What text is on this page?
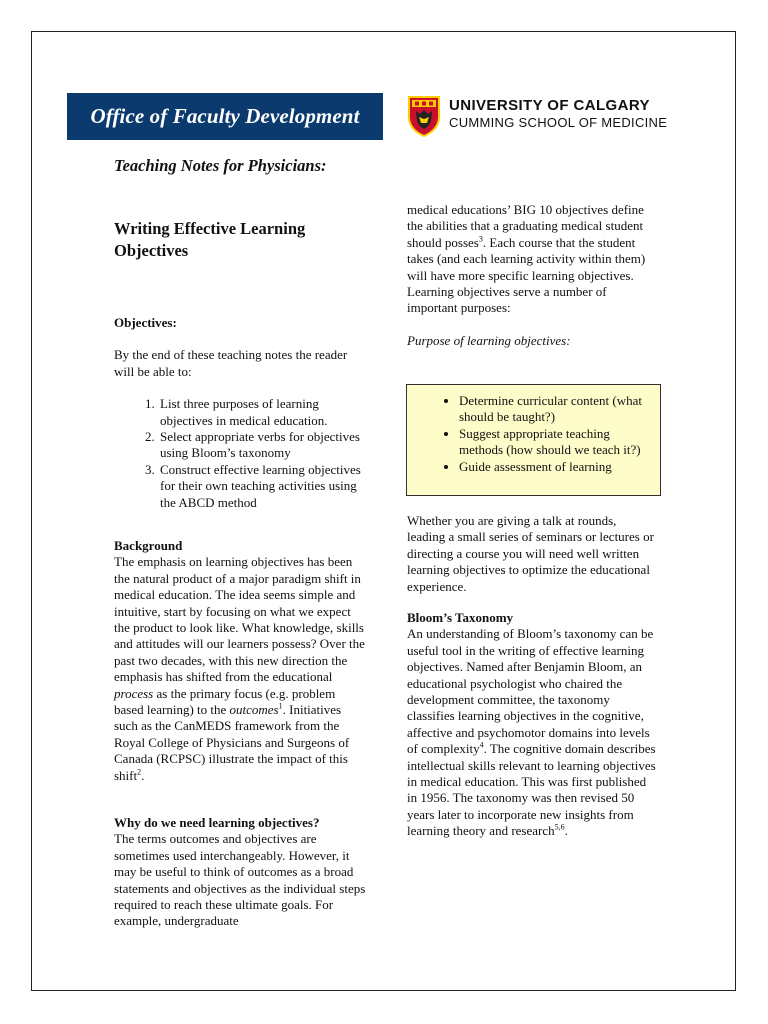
Office of Faculty Development	UNIVERSITY OF CALGARY
CUMMING SCHOOL OF MEDICINE
Teaching Notes for Physicians:
Writing Effective Learning Objectives

Objectives:

By the end of these teaching notes the reader will be able to:

1. List three purposes of learning objectives in medical education.
2. Select appropriate verbs for objectives using Bloom’s taxonomy
3. Construct effective learning objectives for their own teaching activities using the ABCD method

Background

The emphasis on learning objectives has been the natural product of a major paradigm shift in medical education. The idea seems simple and intuitive, start by focusing on what we expect the product to look like. What knowledge, skills and attitudes will our learners possess? Over the past two decades, with this new direction the emphasis has shifted from the educational process as the primary focus (e.g. problem based learning) to the outcomes$^1$. Initiatives such as the CanMEDS framework from the Royal College of Physicians and Surgeons of Canada (RCPSC) illustrate the impact of this shift$^2$.

Why do we need learning objectives?

The terms outcomes and objectives are sometimes used interchangeably. However, it may be useful to think of outcomes as a broad statements and objectives as the individual steps required to reach these ultimate goals. For example, undergraduate

medical educations’ BIG 10 objectives define the abilities that a graduating medical student should posses$^3$. Each course that the student takes (and each learning activity within them) will have more specific learning objectives. Learning objectives serve a number of important purposes:

Purpose of learning objectives:

• Determine curricular content (what should be taught?)
• Suggest appropriate teaching methods (how should we teach it?)
• Guide assessment of learning

Whether you are giving a talk at rounds, leading a small series of seminars or lectures or directing a course you will need well written learning objectives to optimize the educational experience.

Bloom’s Taxonomy

An understanding of Bloom’s taxonomy can be useful tool in the writing of effective learning objectives. Named after Benjamin Bloom, an educational psychologist who chaired the development committee, the taxonomy classifies learning objectives in the cognitive, affective and psychomotor domains into levels of complexity$^4$. The cognitive domain describes intellectual skills relevant to learning objectives in medical education. This was first published in 1956. The taxonomy was then revised 50 years later to incorporate new insights from learning theory and research$^{5,6}$.
